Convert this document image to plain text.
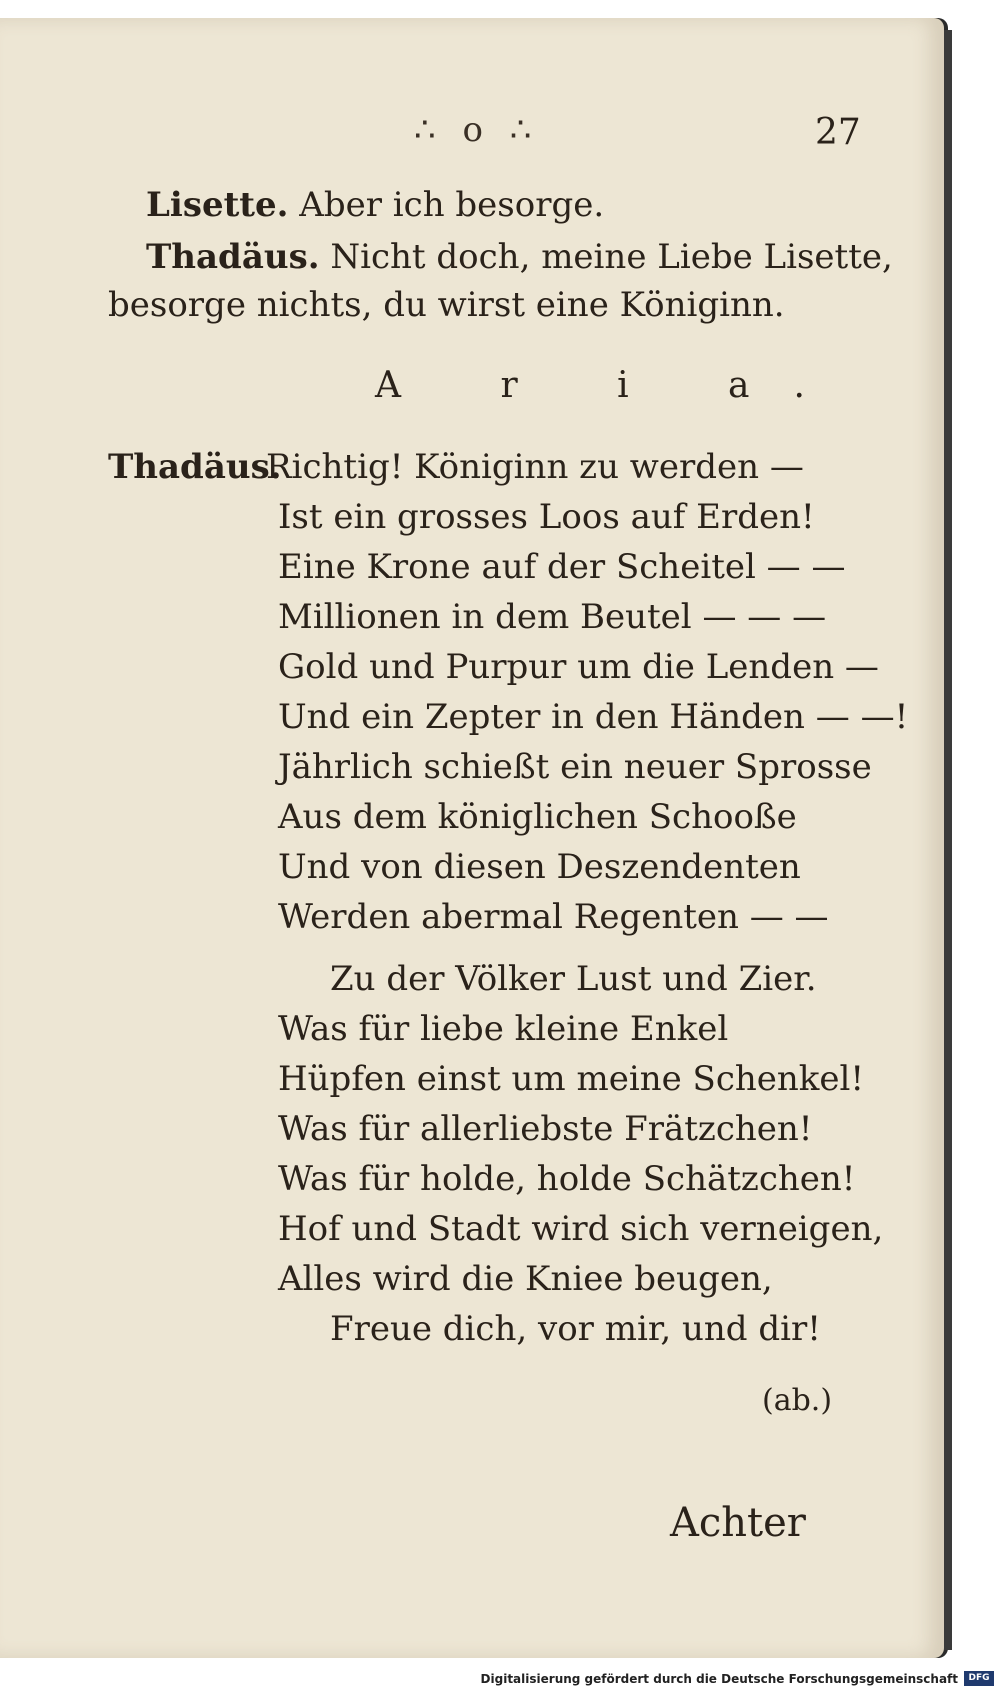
∴ o ∴	27
Lisette. Aber ich besorge.
Thadäus. Nicht doch, meine Liebe Lisette,
besorge nichts, du wirst eine Königinn.
A r i a.
Thadäus.
Richtig! Königinn zu werden —
Ist ein grosses Loos auf Erden!
Eine Krone auf der Scheitel — —
Millionen in dem Beutel — — —
Gold und Purpur um die Lenden —
Und ein Zepter in den Händen — —!
Jährlich schießt ein neuer Sprosse
Aus dem königlichen Schooße
Und von diesen Deszendenten
Werden abermal Regenten — —
Zu der Völker Lust und Zier.
Was für liebe kleine Enkel
Hüpfen einst um meine Schenkel!
Was für allerliebste Frätzchen!
Was für holde, holde Schätzchen!
Hof und Stadt wird sich verneigen,
Alles wird die Kniee beugen,
Freue dich, vor mir, und dir!
(ab.)
Achter
Digitalisierung gefördert durch die Deutsche Forschungsgemeinschaft	DFG
